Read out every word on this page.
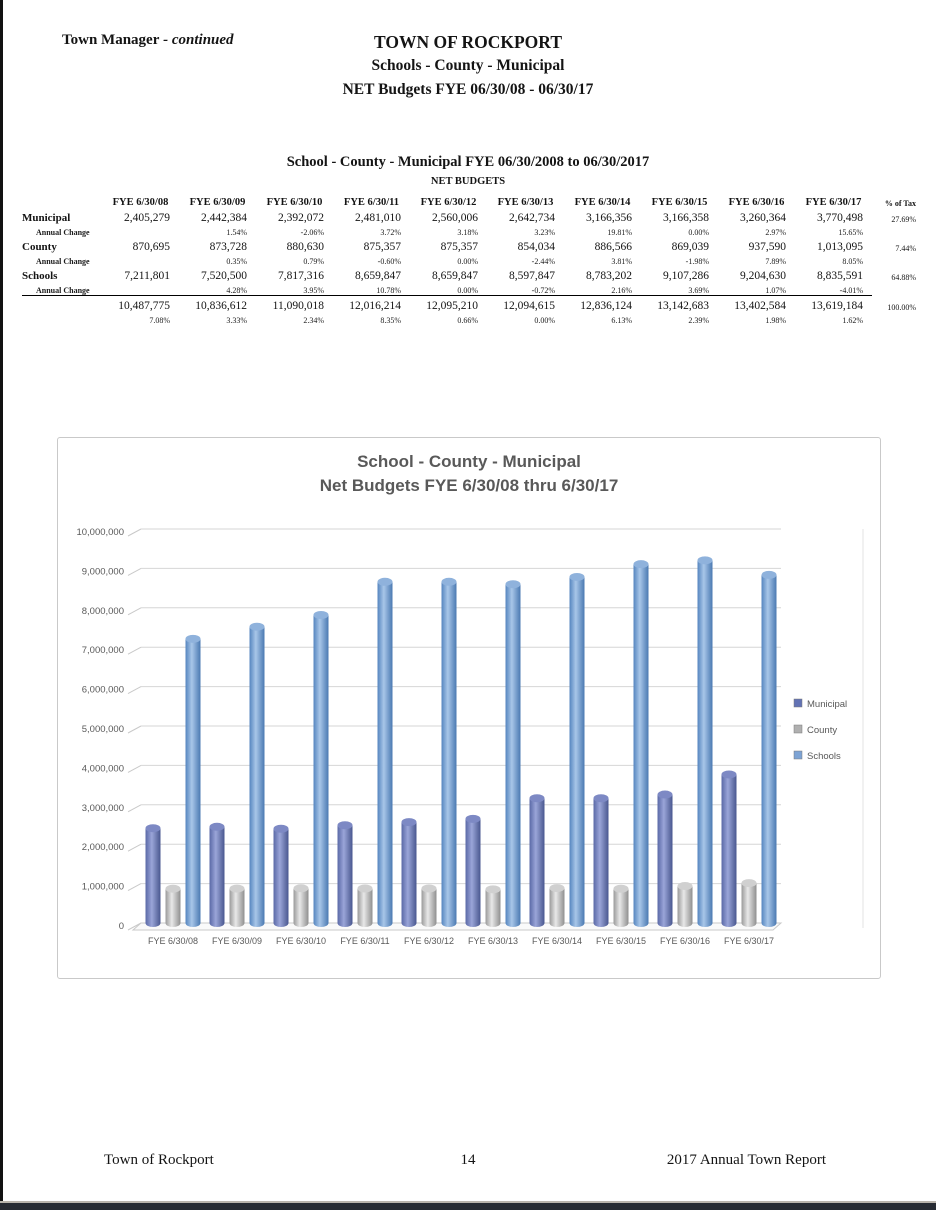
Town Manager - continued	TOWN OF ROCKPORT
Schools - County - Municipal
NET Budgets FYE 06/30/08 - 06/30/17
School - County - Municipal FYE 06/30/2008 to 06/30/2017
NET BUDGETS
	FYE 6/30/08	FYE 6/30/09	FYE 6/30/10	FYE 6/30/11	FYE 6/30/12	FYE 6/30/13	FYE 6/30/14	FYE 6/30/15	FYE 6/30/16	FYE 6/30/17	% of Tax
Municipal	2,405,279	2,442,384	2,392,072	2,481,010	2,560,006	2,642,734	3,166,356	3,166,358	3,260,364	3,770,498	27.69%
Annual Change		1.54%	-2.06%	3.72%	3.18%	3.23%	19.81%	0.00%	2.97%	15.65%	
County	870,695	873,728	880,630	875,357	875,357	854,034	886,566	869,039	937,590	1,013,095	7.44%
Annual Change		0.35%	0.79%	-0.60%	0.00%	-2.44%	3.81%	-1.98%	7.89%	8.05%	
Schools	7,211,801	7,520,500	7,817,316	8,659,847	8,659,847	8,597,847	8,783,202	9,107,286	9,204,630	8,835,591	64.88%
Annual Change		4.28%	3.95%	10.78%	0.00%	-0.72%	2.16%	3.69%	1.07%	-4.01%	
	10,487,775	10,836,612	11,090,018	12,016,214	12,095,210	12,094,615	12,836,124	13,142,683	13,402,584	13,619,184	100.00%
	7.08%	3.33%	2.34%	8.35%	0.66%	0.00%	6.13%	2.39%	1.98%	1.62%	
School - County - Municipal
Net Budgets FYE 6/30/08 thru 6/30/17
0
1,000,000
2,000,000
3,000,000
4,000,000
5,000,000
6,000,000
7,000,000
8,000,000
9,000,000
10,000,000
FYE 6/30/08 FYE 6/30/09 FYE 6/30/10 FYE 6/30/11 FYE 6/30/12 FYE 6/30/13 FYE 6/30/14 FYE 6/30/15 FYE 6/30/16 FYE 6/30/17
Municipal
County
Schools
Town of Rockport	14	2017 Annual Town Report
